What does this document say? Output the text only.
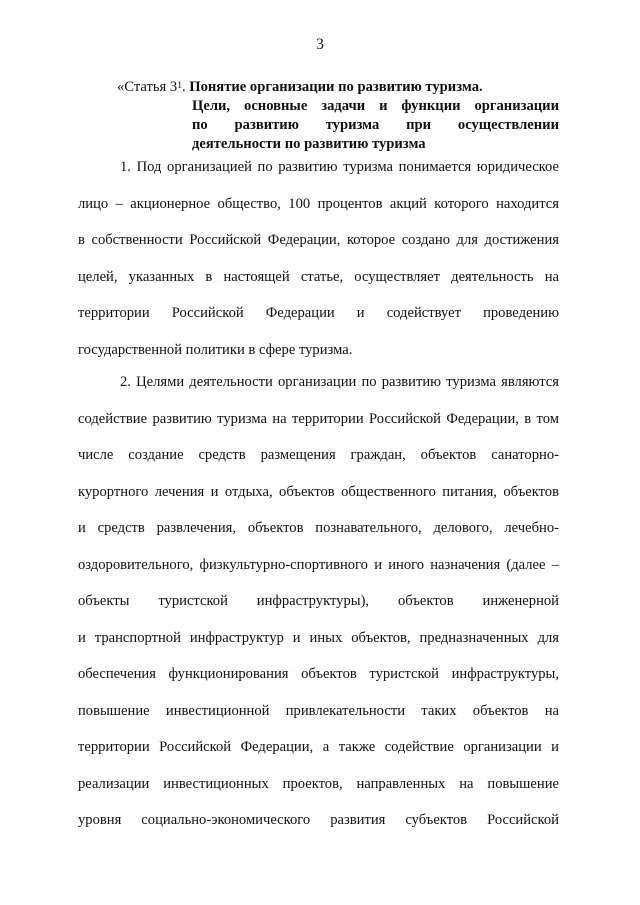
3
«Статья $3^1$. Понятие организации по развитию туризма.
Цели, основные задачи и функции организации
по развитию туризма при осуществлении
деятельности по развитию туризма
1. Под организацией по развитию туризма понимается юридическое
лицо – акционерное общество, 100 процентов акций которого находится
в собственности Российской Федерации, которое создано для достижения
целей, указанных в настоящей статье, осуществляет деятельность на
территории Российской Федерации и содействует проведению
государственной политики в сфере туризма.
2. Целями деятельности организации по развитию туризма являются
содействие развитию туризма на территории Российской Федерации, в том
числе создание средств размещения граждан, объектов санаторно-
курортного лечения и отдыха, объектов общественного питания, объектов
и средств развлечения, объектов познавательного, делового, лечебно-
оздоровительного, физкультурно-спортивного и иного назначения (далее –
объекты туристской инфраструктуры), объектов инженерной
и транспортной инфраструктур и иных объектов, предназначенных для
обеспечения функционирования объектов туристской инфраструктуры,
повышение инвестиционной привлекательности таких объектов на
территории Российской Федерации, а также содействие организации и
реализации инвестиционных проектов, направленных на повышение
уровня социально-экономического развития субъектов Российской
